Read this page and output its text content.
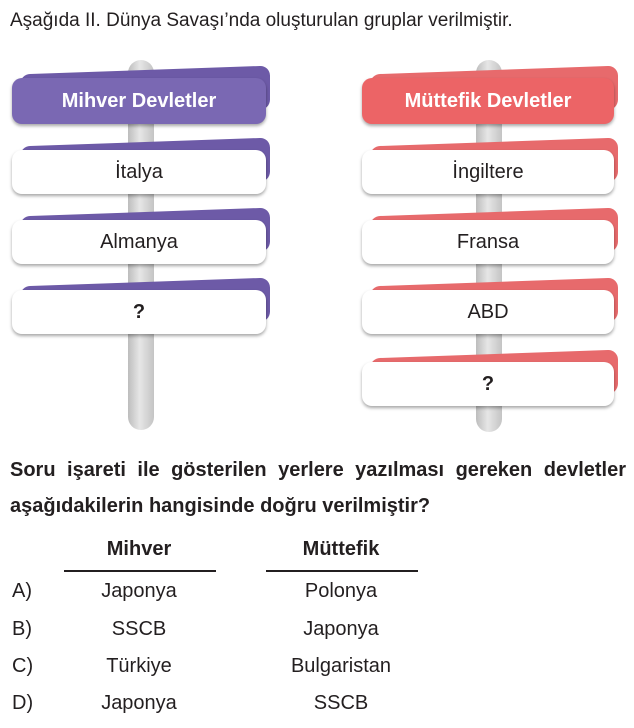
Aşağıda II. Dünya Savaşı’nda oluşturulan gruplar verilmiştir.
Mihver Devletler
İtalya
Almanya
?
Müttefik Devletler
İngiltere
Fransa
ABD
?
Soru işareti ile gösterilen yerlere yazılması gereken devletler aşağıdakilerin hangisinde doğru verilmiştir?
Mihver	Müttefik
A)	Japonya	Polonya
B)	SSCB	Japonya
C)	Türkiye	Bulgaristan
D)	Japonya	SSCB
